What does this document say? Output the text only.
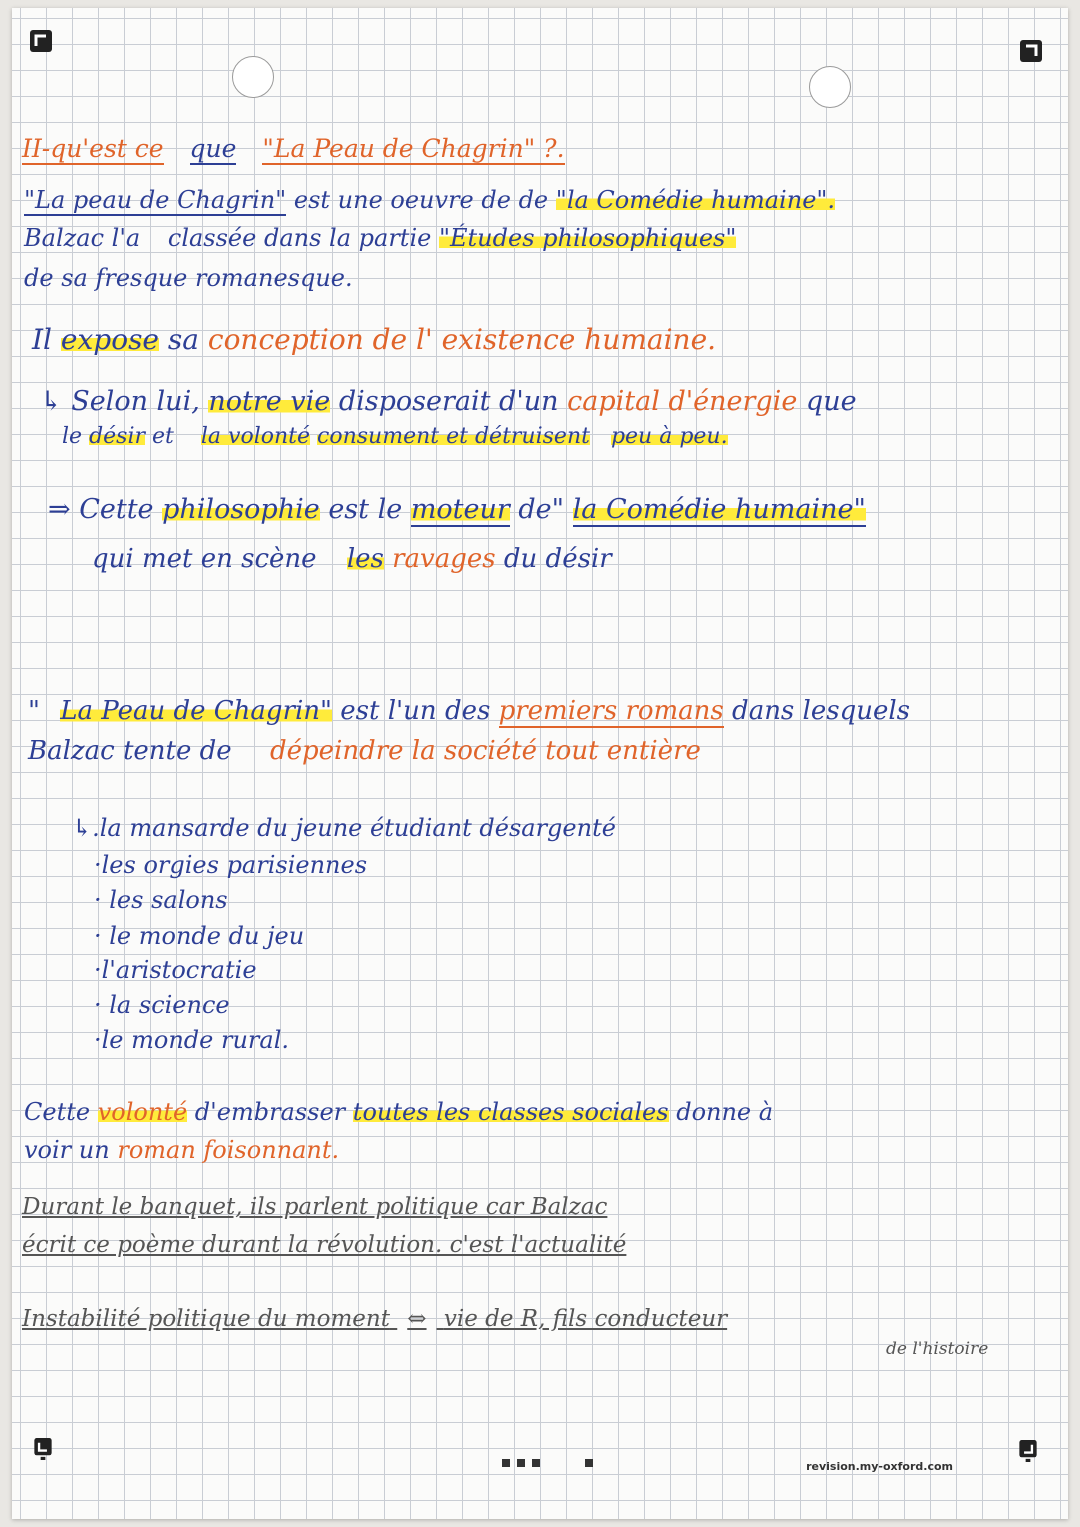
II-qu'est ce que "La Peau de Chagrin" ?.
"La peau de Chagrin" est une oeuvre de de "la Comédie humaine".
Balzac l'a classée dans la partie "Études philosophiques"
de sa fresque romanesque.
Il expose sa conception de l' existence humaine.
↳ Selon lui, notre vie disposerait d'un capital d'énergie que
le désir et la volonté consument et détruisent peu à peu.
⇒ Cette philosophie est le moteur de" la Comédie humaine"
qui met en scène les ravages du désir
" La Peau de Chagrin" est l'un des premiers romans dans lesquels
Balzac tente de dépeindre la société tout entière
↳.la mansarde du jeune étudiant désargenté
·les orgies parisiennes
· les salons
· le monde du jeu
·l'aristocratie
· la science
·le monde rural.
Cette volonté d'embrasser toutes les classes sociales donne à
voir un roman foisonnant.
Durant le banquet, ils parlent politique car Balzac
écrit ce poème durant la révolution. c'est l'actualité
Instabilité politique du moment ⇔ vie de R, fils conducteur
de l'histoire

revision.my-oxford.com
